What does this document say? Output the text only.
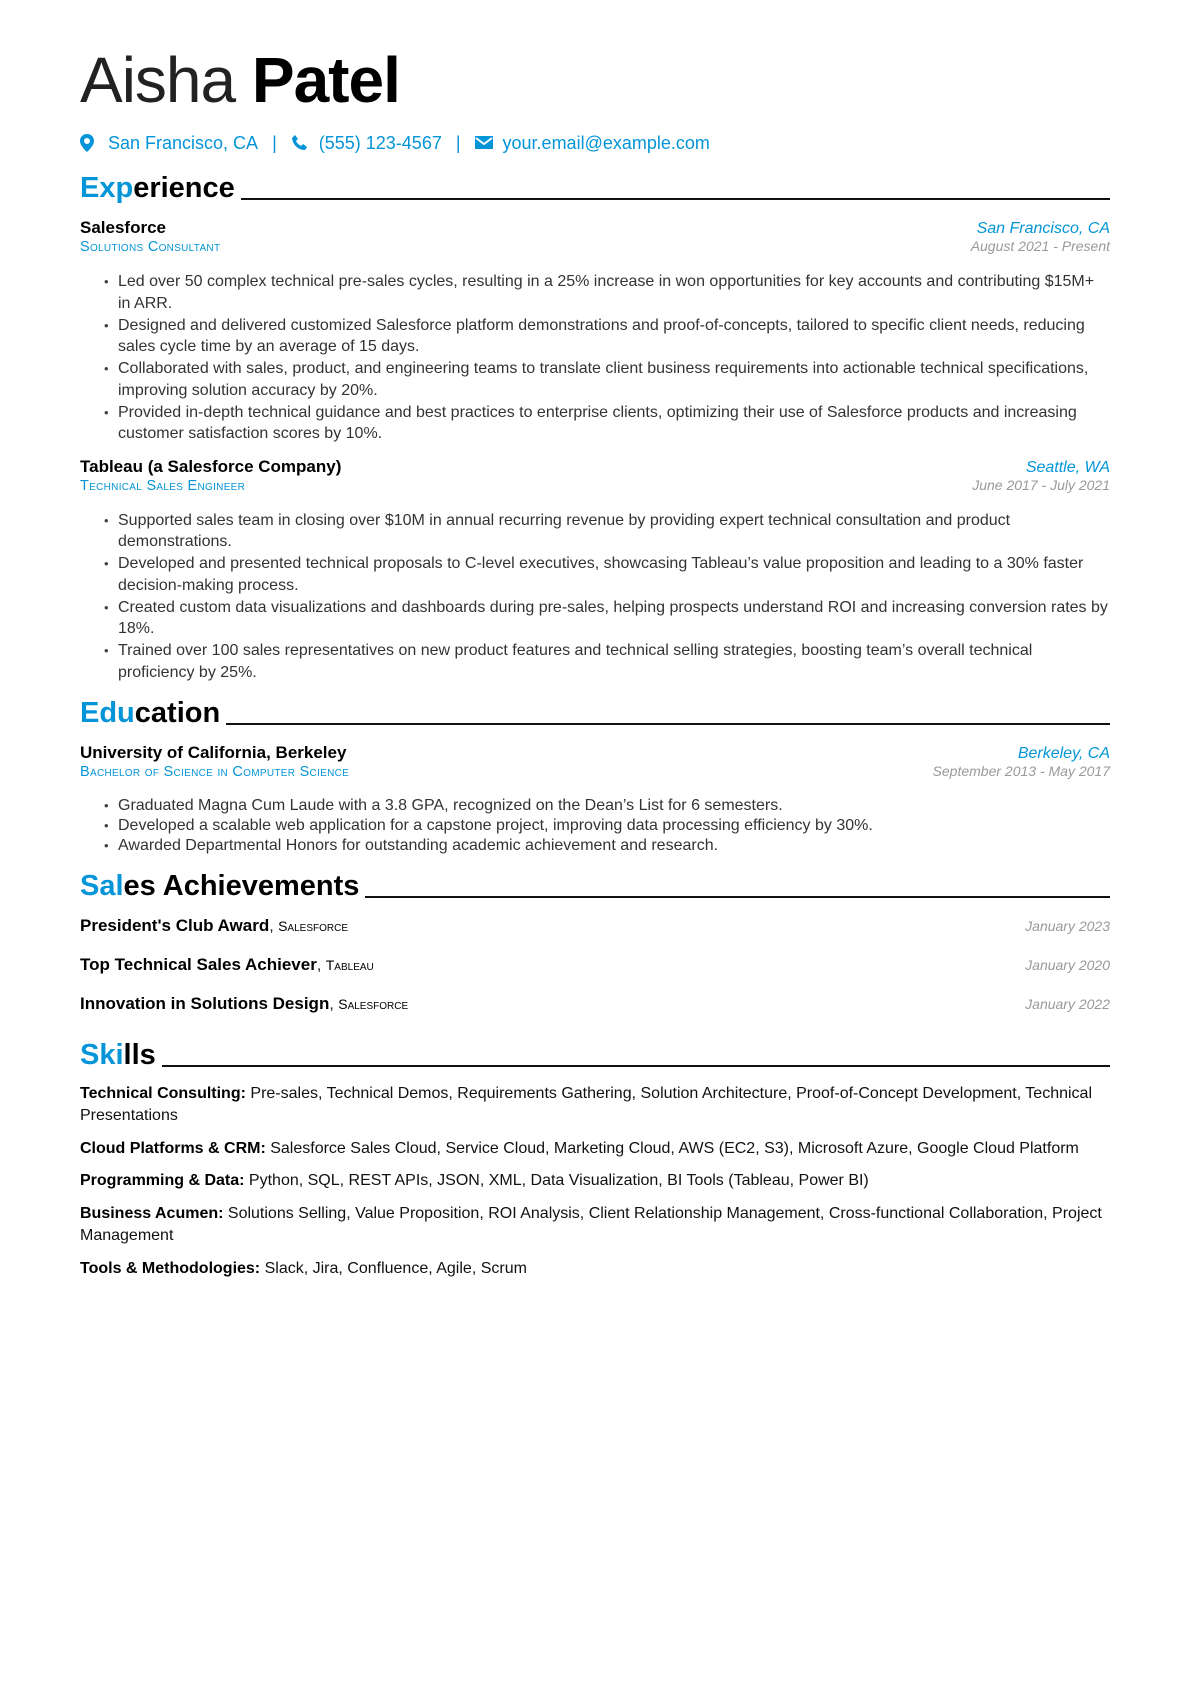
Aisha Patel
San Francisco, CA | (555) 123-4567 | your.email@example.com
Experience
Salesforce	San Francisco, CA
Solutions Consultant	August 2021 - Present
• Led over 50 complex technical pre-sales cycles, resulting in a 25% increase in won opportunities for key accounts and contributing $15M+ in ARR.
• Designed and delivered customized Salesforce platform demonstrations and proof-of-concepts, tailored to specific client needs, reducing sales cycle time by an average of 15 days.
• Collaborated with sales, product, and engineering teams to translate client business requirements into actionable technical specifications, improving solution accuracy by 20%.
• Provided in-depth technical guidance and best practices to enterprise clients, optimizing their use of Salesforce products and increasing customer satisfaction scores by 10%.
Tableau (a Salesforce Company)	Seattle, WA
Technical Sales Engineer	June 2017 - July 2021
• Supported sales team in closing over $10M in annual recurring revenue by providing expert technical consultation and product demonstrations.
• Developed and presented technical proposals to C-level executives, showcasing Tableau’s value proposition and leading to a 30% faster decision-making process.
• Created custom data visualizations and dashboards during pre-sales, helping prospects understand ROI and increasing conversion rates by 18%.
• Trained over 100 sales representatives on new product features and technical selling strategies, boosting team’s overall technical proficiency by 25%.
Education
University of California, Berkeley	Berkeley, CA
Bachelor of Science in Computer Science	September 2013 - May 2017
• Graduated Magna Cum Laude with a 3.8 GPA, recognized on the Dean’s List for 6 semesters.
• Developed a scalable web application for a capstone project, improving data processing efficiency by 30%.
• Awarded Departmental Honors for outstanding academic achievement and research.
Sales Achievements
President's Club Award, Salesforce	January 2023
Top Technical Sales Achiever, Tableau	January 2020
Innovation in Solutions Design, Salesforce	January 2022
Skills

Technical Consulting: Pre-sales, Technical Demos, Requirements Gathering, Solution Architecture, Proof-of-Concept Development, Technical Presentations

Cloud Platforms & CRM: Salesforce Sales Cloud, Service Cloud, Marketing Cloud, AWS (EC2, S3), Microsoft Azure, Google Cloud Platform

Programming & Data: Python, SQL, REST APIs, JSON, XML, Data Visualization, BI Tools (Tableau, Power BI)

Business Acumen: Solutions Selling, Value Proposition, ROI Analysis, Client Relationship Management, Cross-functional Collaboration, Project Management

Tools & Methodologies: Slack, Jira, Confluence, Agile, Scrum
